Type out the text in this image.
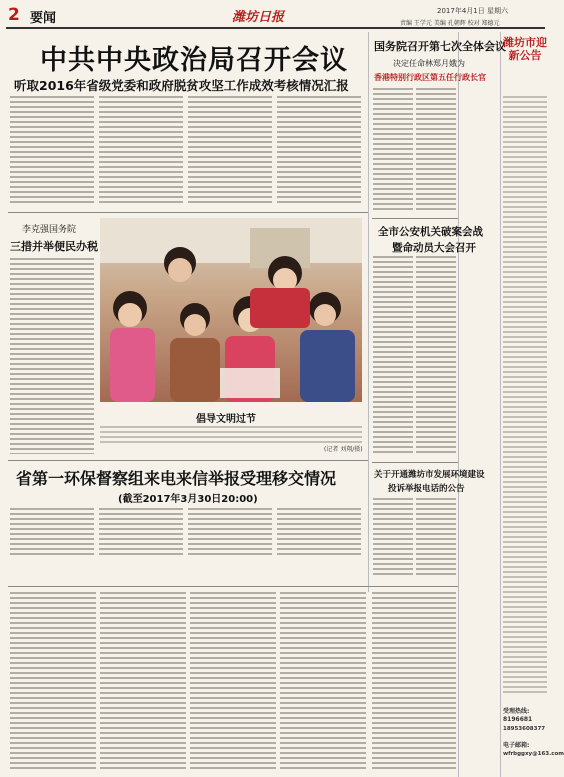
2 要闻	潍坊日报	2017年4月1日 星期六
责编 王学元 美编 孔朝辉 校对 郑德元
中共中央政治局召开会议
听取2016年省级党委和政府脱贫攻坚工作成效考核情况汇报
国务院召开第七次全体会议
决定任命林郑月娥为
香港特别行政区第五任行政长官
潍坊市迎新公告
受理热线:
8196681
18953608377
电子邮箱:
wfrbggxy@163.com
李克强国务院
三措并举便民办税
倡导文明过节
(记者 刘翔/摄)
全市公安机关破案会战
暨命动员大会召开
关于开通潍坊市发展环境建设
投诉举报电话的公告
省第一环保督察组来电来信举报受理移交情况
(截至2017年3月30日20:00)
